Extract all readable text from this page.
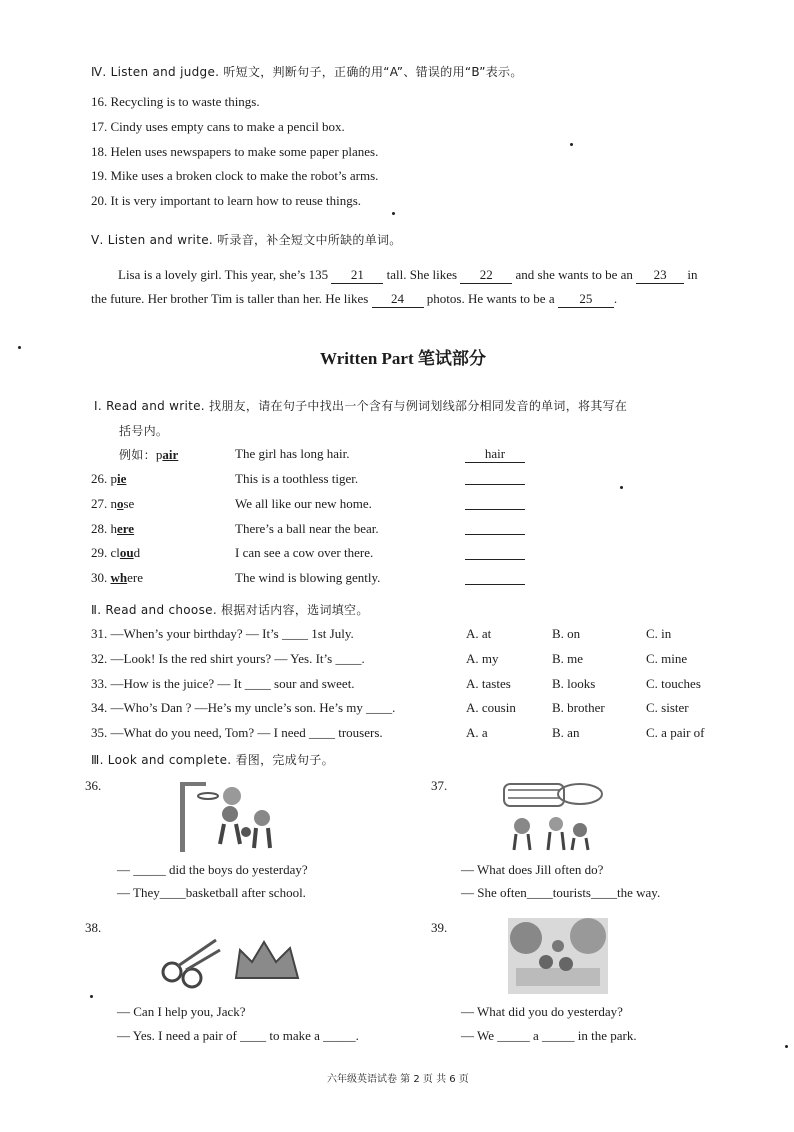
Ⅳ. Listen and judge. 听短文，判断句子，正确的用“A”、错误的用“B”表示。
16. Recycling is to waste things.
17. Cindy uses empty cans to make a pencil box.
18. Helen uses newspapers to make some paper planes.
19. Mike uses a broken clock to make the robot’s arms.
20. It is very important to learn how to reuse things.
Ⅴ. Listen and write. 听录音，补全短文中所缺的单词。
Lisa is a lovely girl. This year, she’s 135 21 tall. She likes 22 and she wants to be an 23 in
the future. Her brother Tim is taller than her. He likes 24 photos. He wants to be a 25 .
Written Part 笔试部分
Ⅰ. Read and write. 找朋友，请在句子中找出一个含有与例词划线部分相同发音的单词，将其写在
括号内。
例如：pair	The girl has long hair.	hair
26. pie	This is a toothless tiger.
27. nose	We all like our new home.
28. here	There’s a ball near the bear.
29. cloud	I can see a cow over there.
30. where	The wind is blowing gently.
Ⅱ. Read and choose. 根据对话内容，选词填空。
31. —When’s your birthday? — It’s ____ 1st July.	A. at	B. on	C. in
32. —Look! Is the red shirt yours? — Yes. It’s ____.	A. my	B. me	C. mine
33. —How is the juice? — It ____ sour and sweet.	A. tastes	B. looks	C. touches
34. —Who’s Dan ? —He’s my uncle’s son. He’s my ____.	A. cousin	B. brother	C. sister
35. —What do you need, Tom? — I need ____ trousers.	A. a	B. an	C. a pair of
Ⅲ. Look and complete. 看图，完成句子。
36.
— _____ did the boys do yesterday?
— They____basketball after school.
37.
— What does Jill often do?
— She often____tourists____the way.
38.
— Can I help you, Jack?
— Yes. I need a pair of ____ to make a _____.
39.
— What did you do yesterday?
— We _____ a _____ in the park.
六年级英语试卷 第 2 页 共 6 页
